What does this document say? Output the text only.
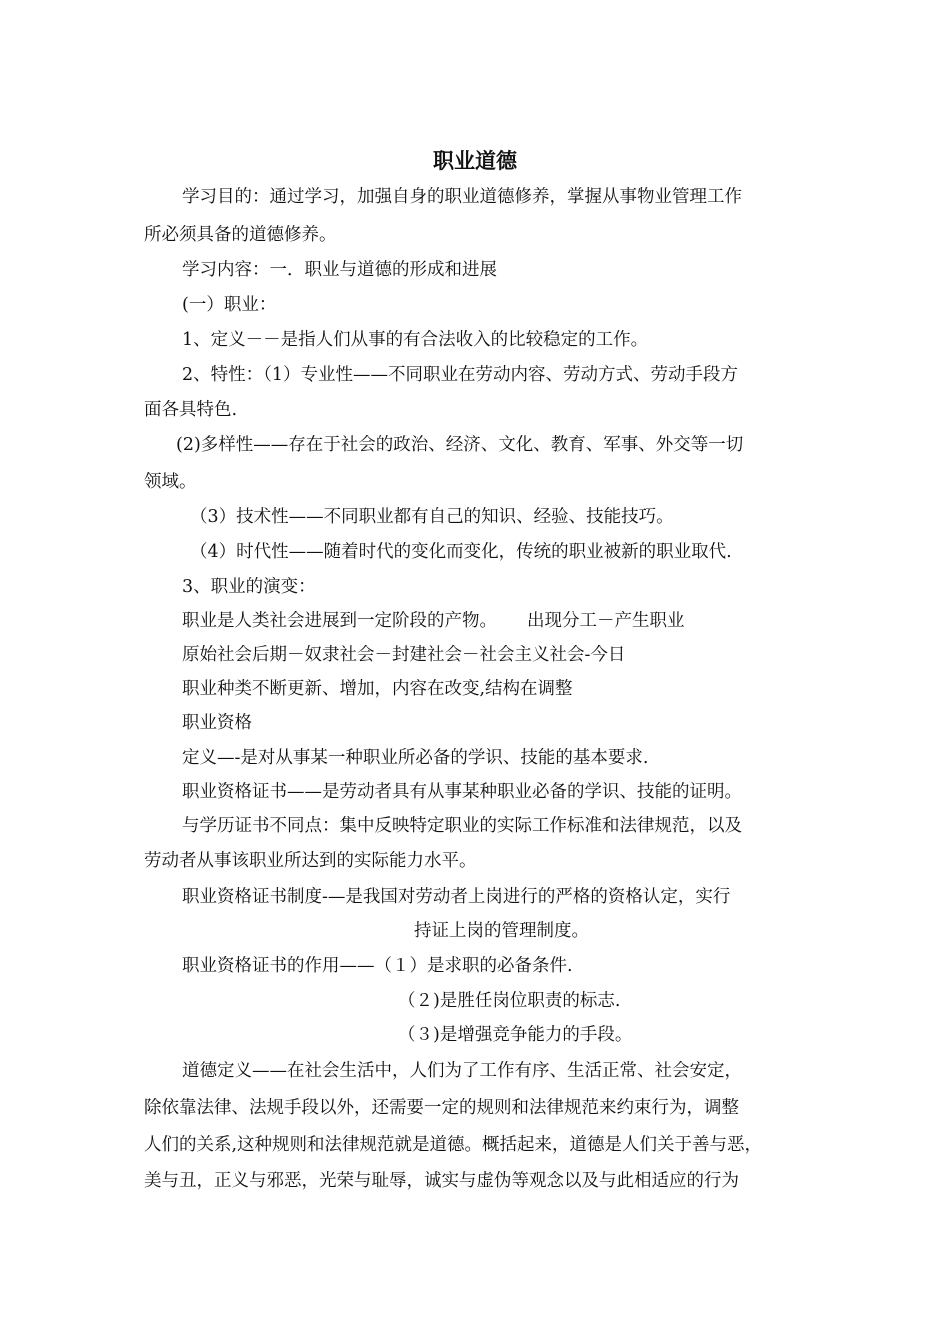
职业道德
学习目的：通过学习，加强自身的职业道德修养，掌握从事物业管理工作
所必须具备的道德修养。
学习内容：一．职业与道德的形成和进展
(一）职业：
1、定义－－是指人们从事的有合法收入的比较稳定的工作。
2、特性：（1）专业性——不同职业在劳动内容、劳动方式、劳动手段方
面各具特色.
(2)多样性——存在于社会的政治、经济、文化、教育、军事、外交等一切
领域。
（3）技术性——不同职业都有自己的知识、经验、技能技巧。
（4）时代性——随着时代的变化而变化，传统的职业被新的职业取代.
3、职业的演变：
职业是人类社会进展到一定阶段的产物。 出现分工－产生职业
原始社会后期－奴隶社会－封建社会－社会主义社会-今日
职业种类不断更新、增加，内容在改变,结构在调整
职业资格
定义—-是对从事某一种职业所必备的学识、技能的基本要求.
职业资格证书——是劳动者具有从事某种职业必备的学识、技能的证明。
与学历证书不同点：集中反映特定职业的实际工作标准和法律规范，以及
劳动者从事该职业所达到的实际能力水平。
职业资格证书制度-—是我国对劳动者上岗进行的严格的资格认定，实行
持证上岗的管理制度。
职业资格证书的作用——（１）是求职的必备条件.
（２)是胜任岗位职责的标志.
（３)是增强竞争能力的手段。
道德定义——在社会生活中，人们为了工作有序、生活正常、社会安定，
除依靠法律、法规手段以外，还需要一定的规则和法律规范来约束行为，调整
人们的关系,这种规则和法律规范就是道德。概括起来，道德是人们关于善与恶，
美与丑，正义与邪恶，光荣与耻辱，诚实与虚伪等观念以及与此相适应的行为
